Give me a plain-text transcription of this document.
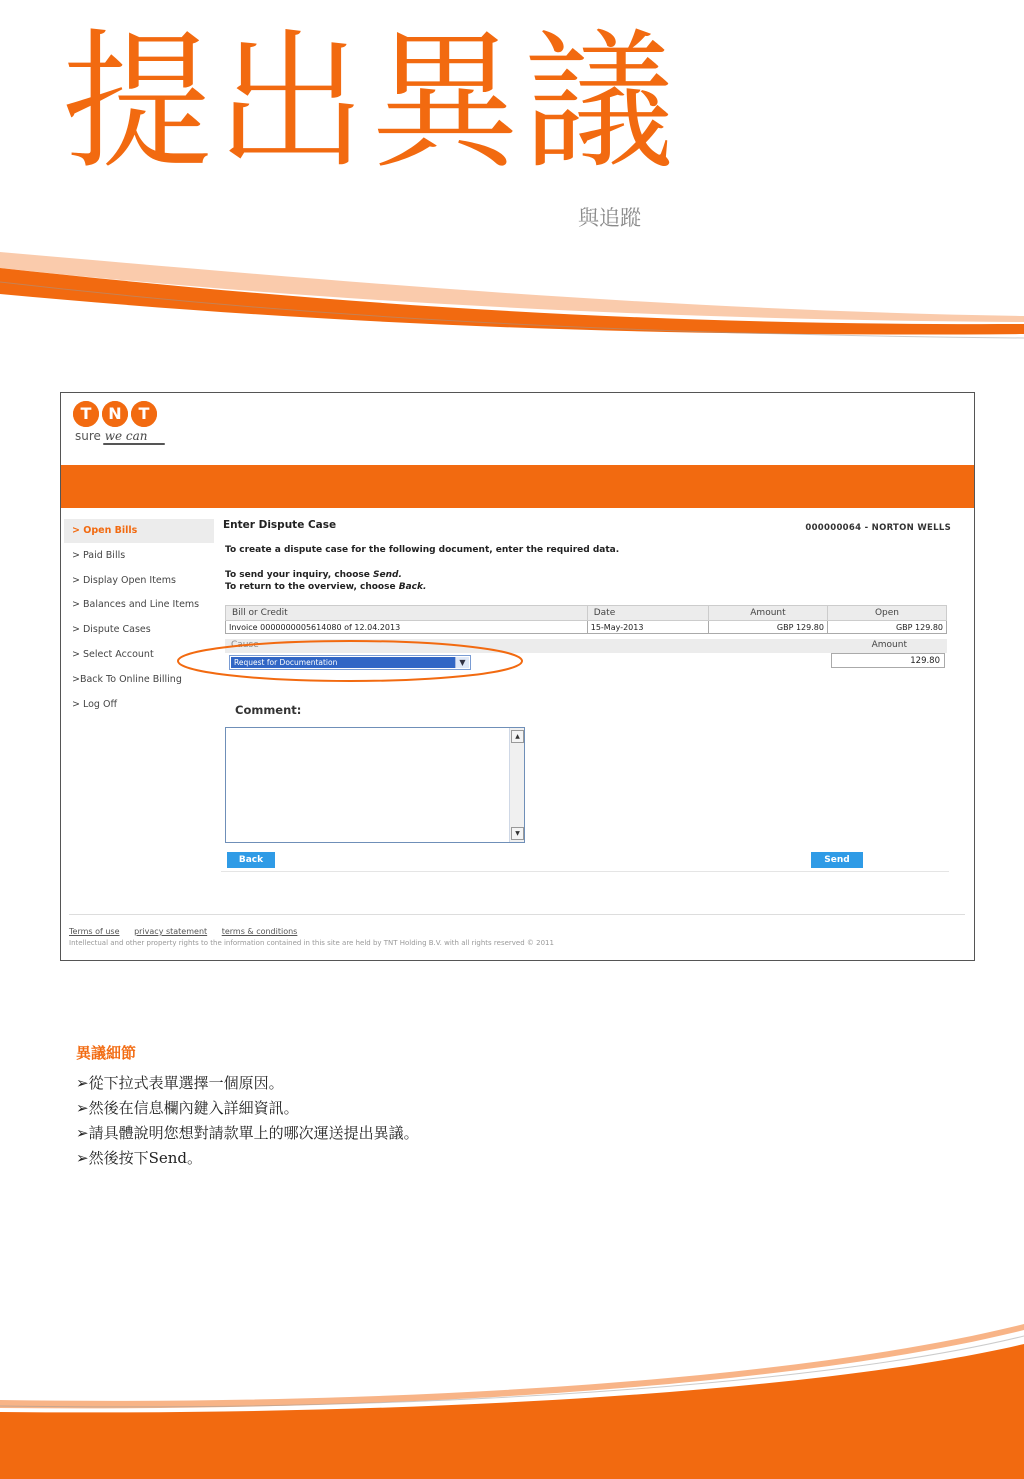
提出異議
與追蹤
T	N	T
sure we can
> Open Bills
> Paid Bills
> Display Open Items
> Balances and Line Items
> Dispute Cases
> Select Account
>Back To Online Billing
> Log Off
Enter Dispute Case	000000064 - NORTON WELLS
To create a dispute case for the following document, enter the required data.
To send your inquiry, choose Send.
To return to the overview, choose Back.
Bill or Credit	Date	Amount	Open
Invoice 0000000005614080 of 12.04.2013	15-May-2013	GBP 129.80	GBP 129.80
Cause	Amount
Request for Documentation	▼	129.80
Comment:
▲
▼
Back	Send
Terms of use privacy statement terms & conditions
Intellectual and other property rights to the information contained in this site are held by TNT Holding B.V. with all rights reserved © 2011

異議細節

➢從下拉式表單選擇一個原因。

➢然後在信息欄內鍵入詳細資訊。

➢請具體說明您想對請款單上的哪次運送提出異議。

➢然後按下Send。
